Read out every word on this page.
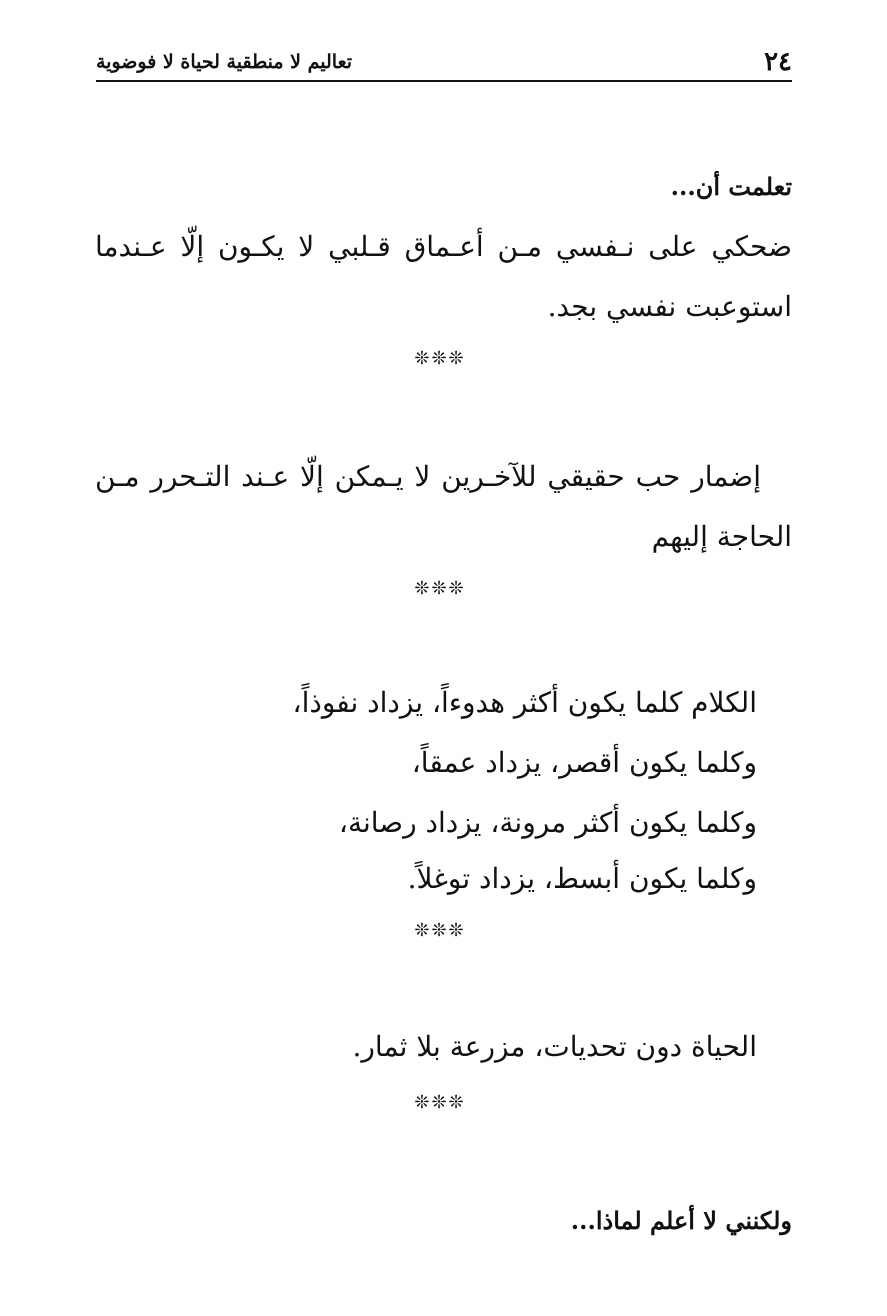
تعاليم لا منطقية لحياة لا فوضوية	٢٤
تعلمت أن...
ضحكي على نـفسي مـن أعـماق قـلبي لا يكـون إلّا عـندما
استوعبت نفسي بجد.
❊❊❊
إضمار حب حقيقي للآخـرين لا يـمكن إلّا عـند التـحرر مـن
الحاجة إليهم
❊❊❊
الكلام كلما يكون أكثر هدوءاً، يزداد نفوذاً،
وكلما يكون أقصر، يزداد عمقاً،
وكلما يكون أكثر مرونة، يزداد رصانة،
وكلما يكون أبسط، يزداد توغلاً.
❊❊❊
الحياة دون تحديات، مزرعة بلا ثمار.
❊❊❊
ولكنني لا أعلم لماذا...
